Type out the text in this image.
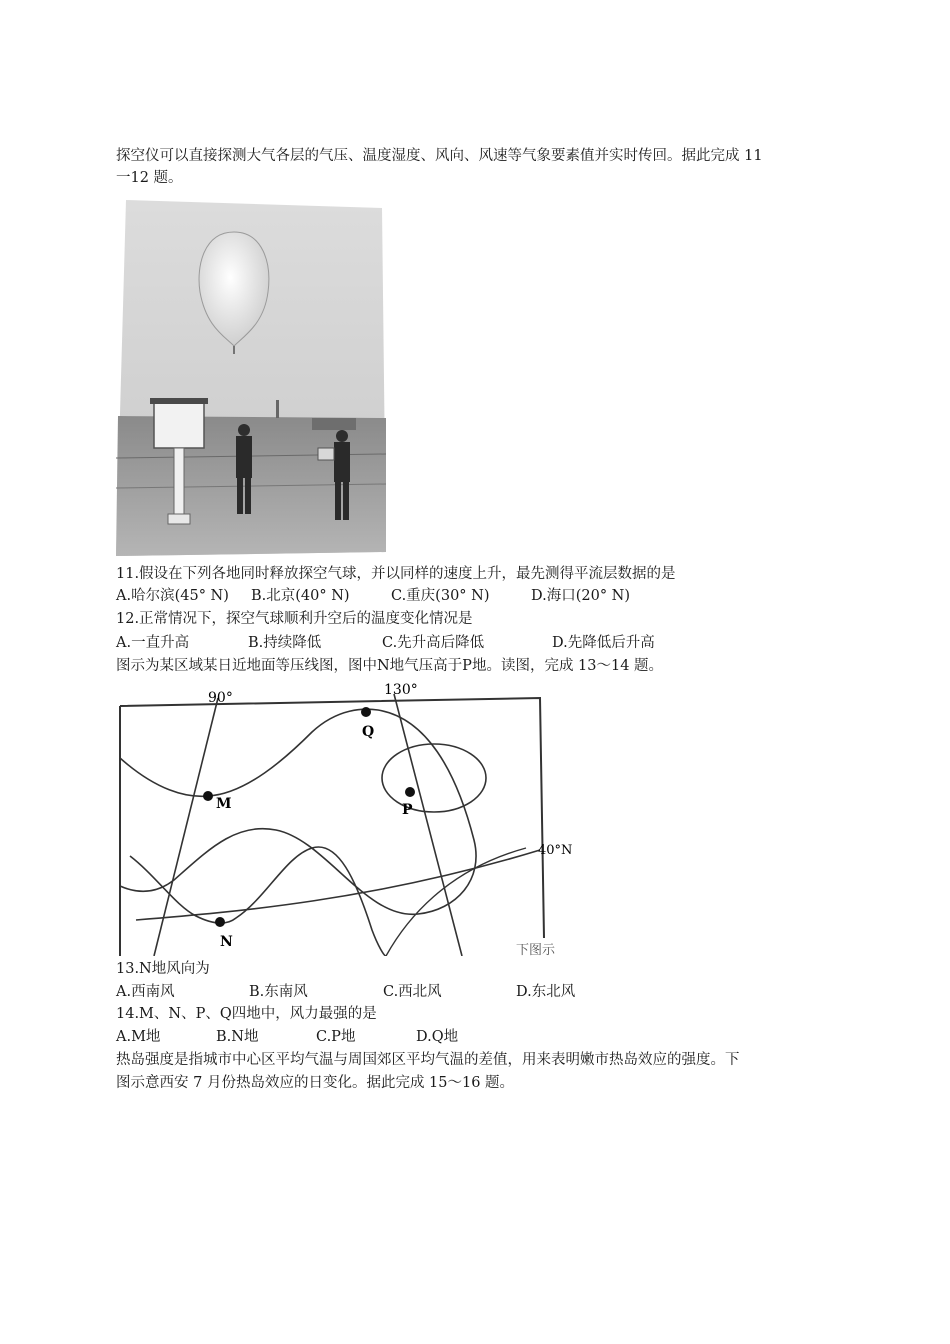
探空仪可以直接探测大气各层的气压、温度湿度、风向、风速等气象要素值并实时传回。据此完成 11
一12 题。
11.假设在下列各地同时释放探空气球，并以同样的速度上升，最先测得平流层数据的是
A.哈尔滨(45° N) B.北京(40° N)	C.重庆(30° N)	D.海口(20° N)
12.正常情况下，探空气球顺利升空后的温度变化情况是
A.一直升高	B.持续降低	C.先升高后降低	D.先降低后升高
图示为某区域某日近地面等压线图，图中N地气压高于P地。读图，完成 13～14 题。
M
N
P
Q
90°	130°
40°N
下图示
13.N地风向为
A.西南风	B.东南风	C.西北风	D.东北风
14.M、N、P、Q四地中，风力最强的是
A.M地	B.N地	C.P地	D.Q地
热岛强度是指城市中心区平均气温与周国郊区平均气温的差值，用来表明嫩市热岛效应的强度。下
图示意西安 7 月份热岛效应的日变化。据此完成 15～16 题。
